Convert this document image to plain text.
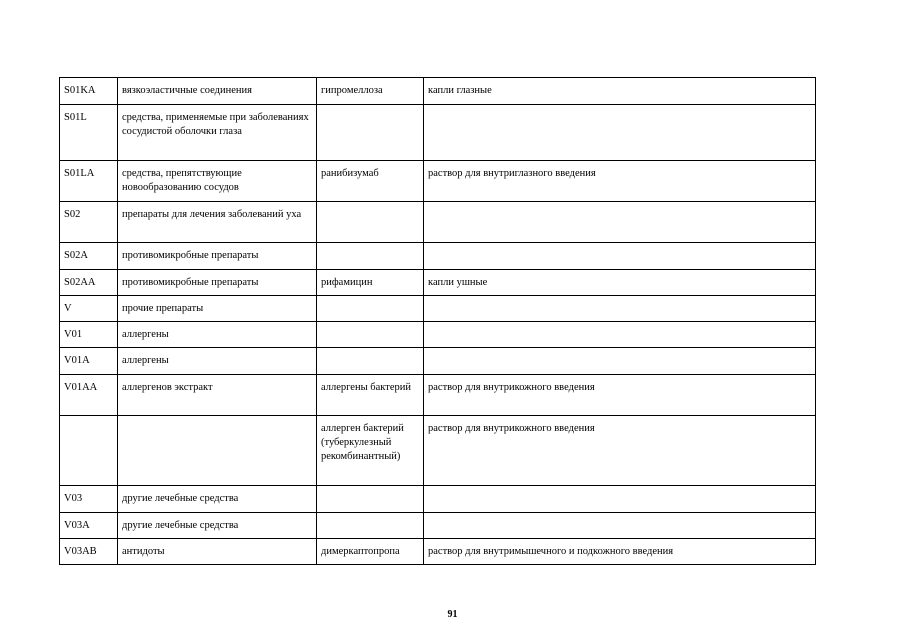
S01KA	вязкоэластичные соединения	гипромеллоза	капли глазные
S01L	средства, применяемые при заболеваниях сосудистой оболочки глаза		
S01LA	средства, препятствующие новообразованию сосудов	ранибизумаб	раствор для внутриглазного введения
S02	препараты для лечения заболеваний уха		
S02A	противомикробные препараты		
S02AA	противомикробные препараты	рифамицин	капли ушные
V	прочие препараты		
V01	аллергены		
V01A	аллергены		
V01AA	аллергенов экстракт	аллергены бактерий	раствор для внутрикожного введения
		аллерген бактерий (туберкулезный рекомбинантный)	раствор для внутрикожного введения
V03	другие лечебные средства		
V03A	другие лечебные средства		
V03AB	антидоты	димеркаптопропа	раствор для внутримышечного и подкожного введения
91
